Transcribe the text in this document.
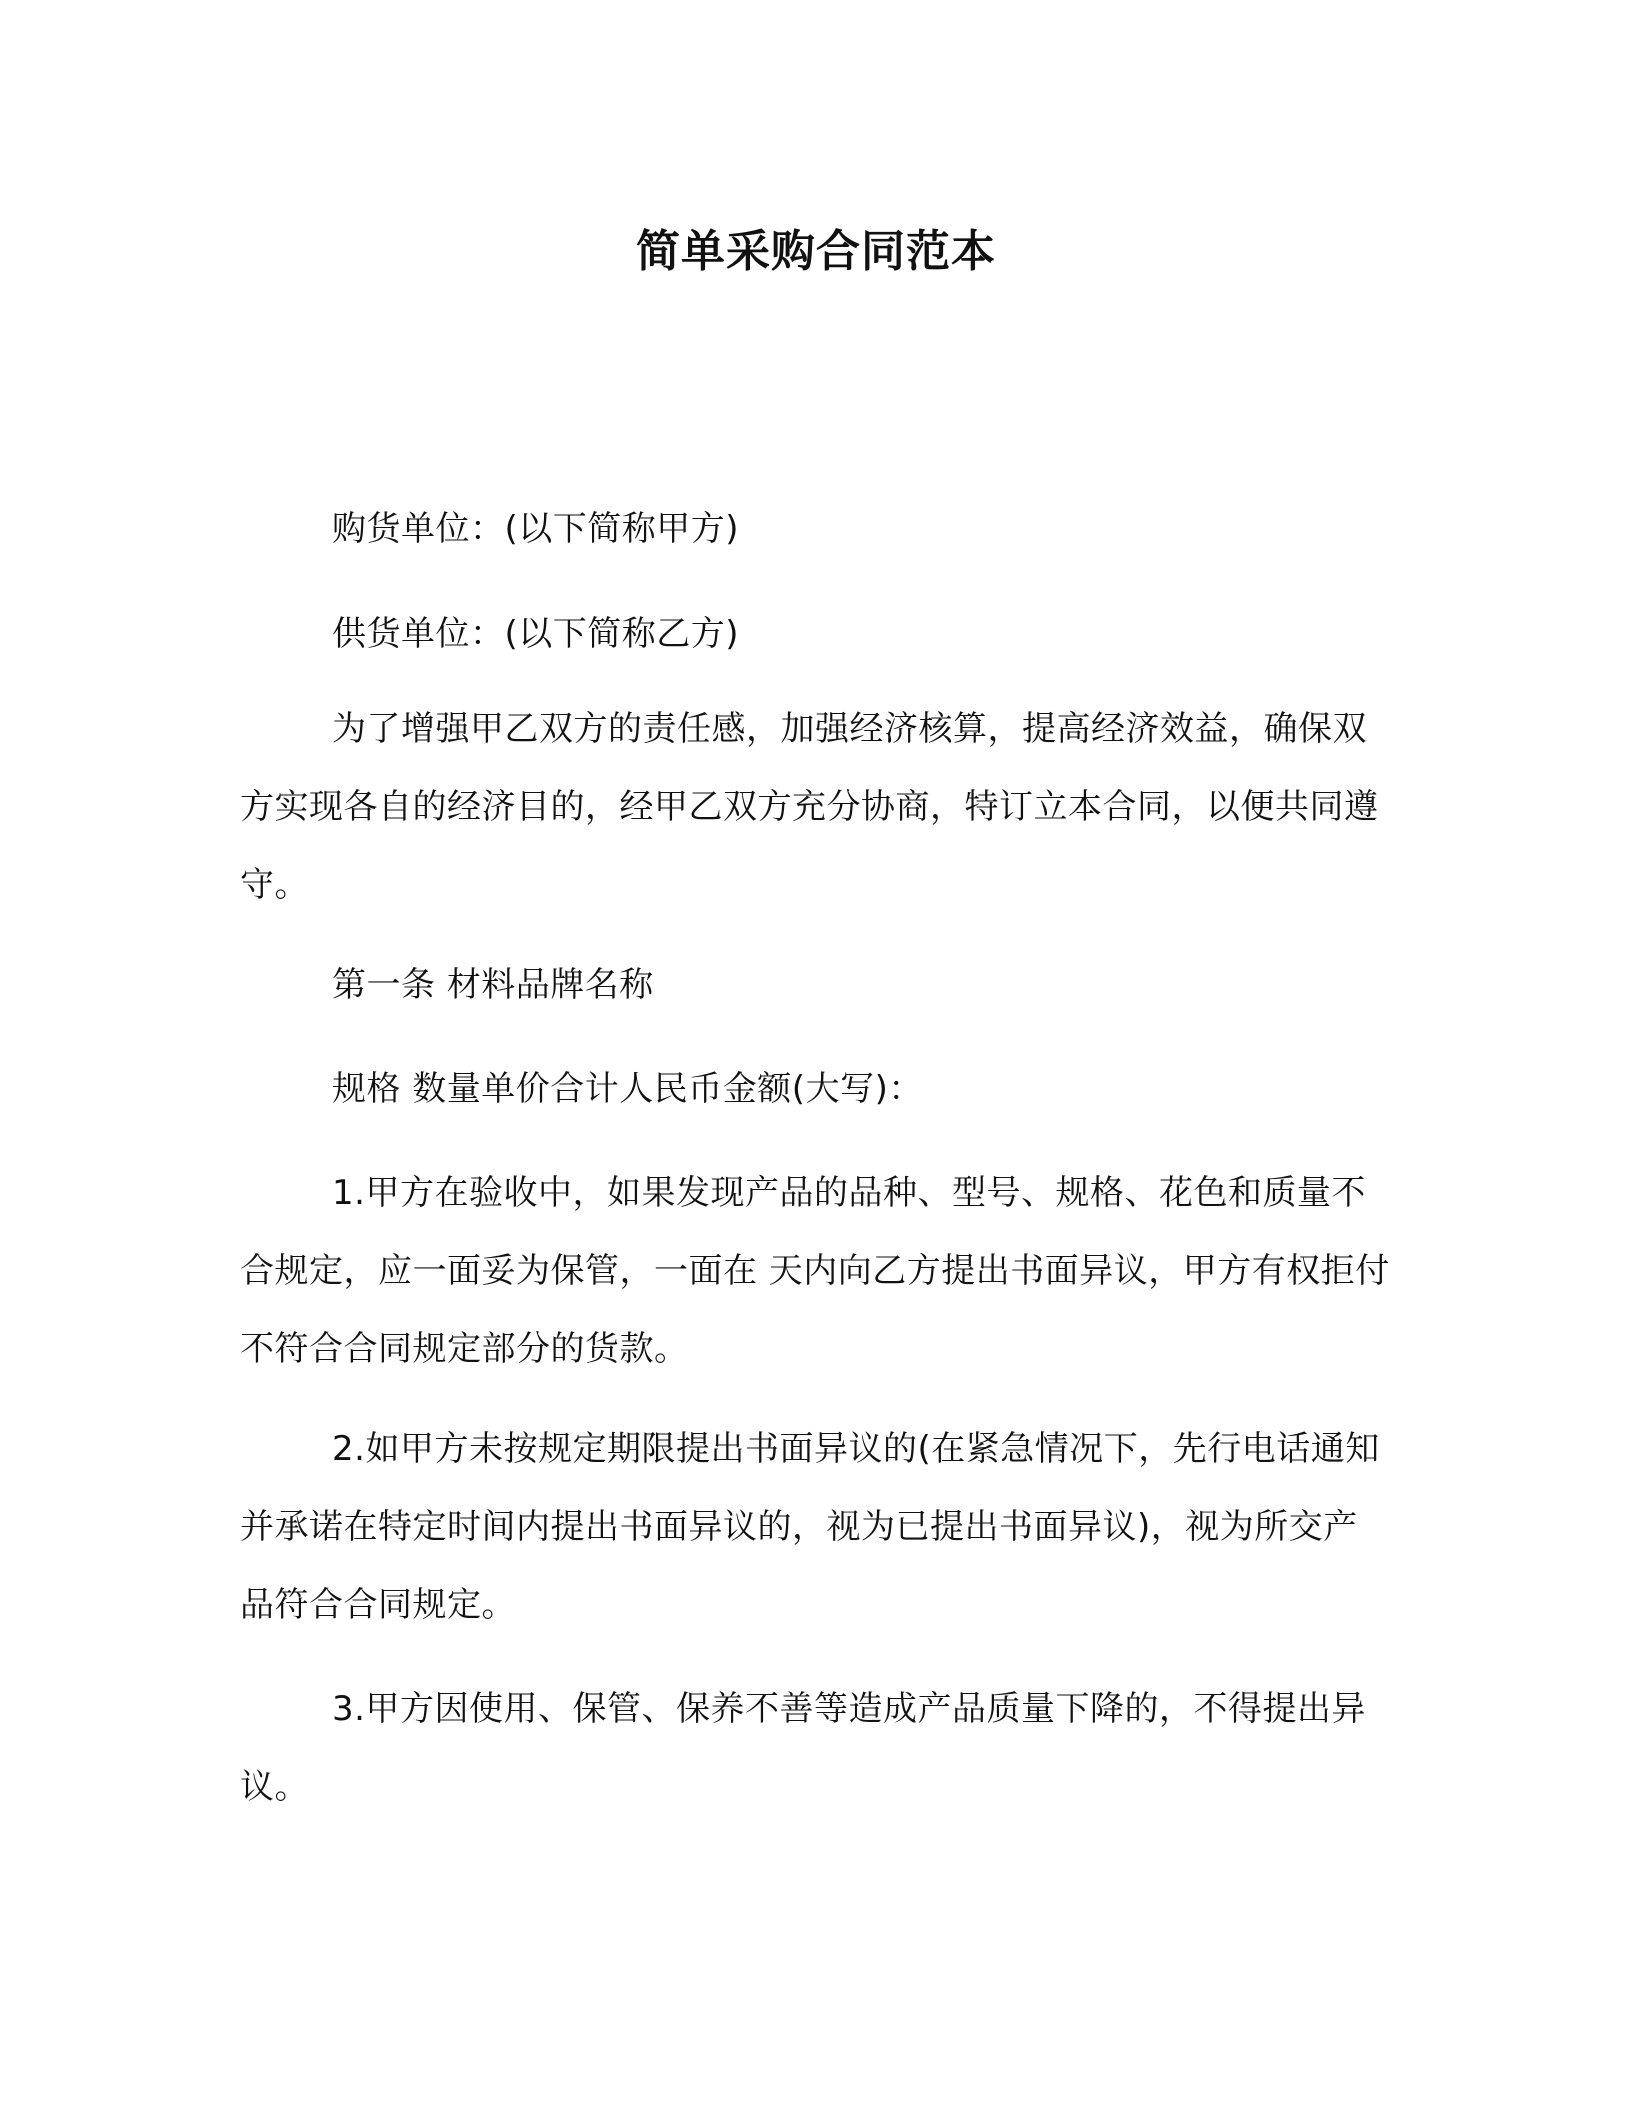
简单采购合同范本

购货单位：(以下简称甲方)

供货单位：(以下简称乙方)

为了增强甲乙双方的责任感，加强经济核算，提高经济效益，确保双方实现各自的经济目的，经甲乙双方充分协商，特订立本合同，以便共同遵守。

第一条 材料品牌名称

规格 数量单价合计人民币金额(大写)：

1.甲方在验收中，如果发现产品的品种、型号、规格、花色和质量不合规定，应一面妥为保管，一面在 天内向乙方提出书面异议，甲方有权拒付不符合合同规定部分的货款。

2.如甲方未按规定期限提出书面异议的(在紧急情况下，先行电话通知并承诺在特定时间内提出书面异议的，视为已提出书面异议)，视为所交产品符合合同规定。

3.甲方因使用、保管、保养不善等造成产品质量下降的，不得提出异议。
